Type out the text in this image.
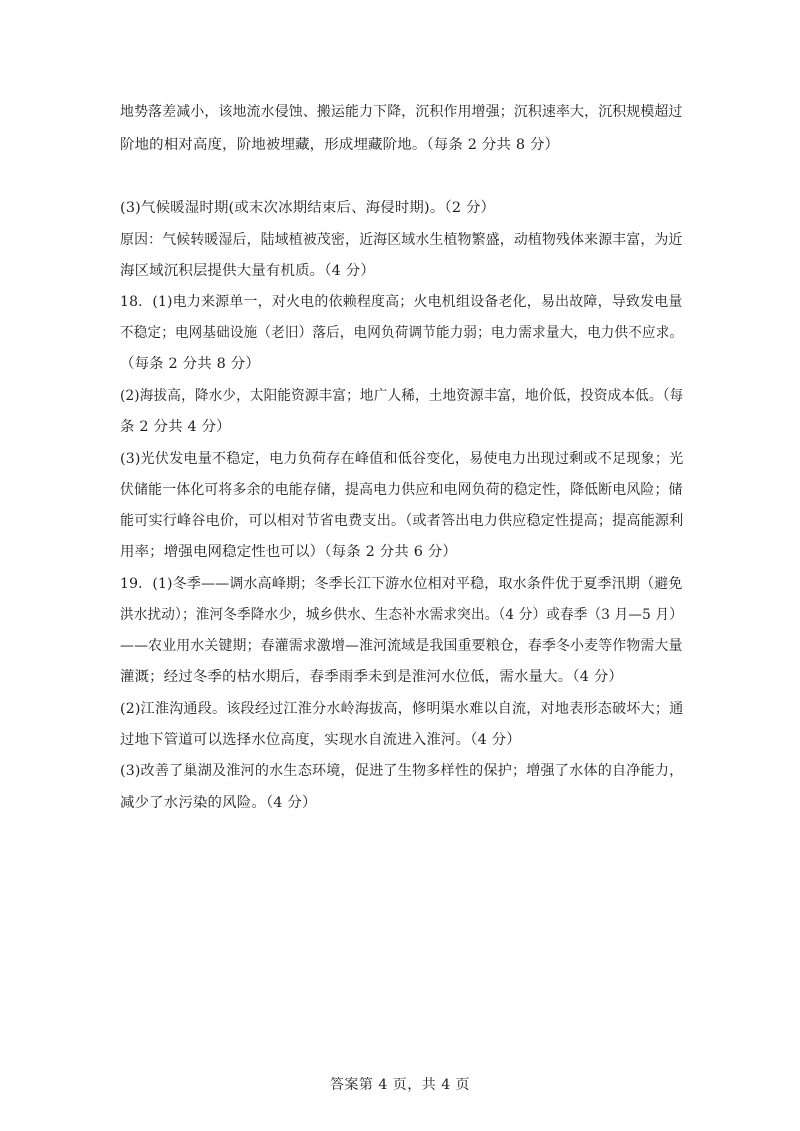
地势落差减小，该地流水侵蚀、搬运能力下降，沉积作用增强；沉积速率大，沉积规模超过
阶地的相对高度，阶地被埋藏，形成埋藏阶地。（每条 2 分共 8 分）
(3)气候暖湿时期(或末次冰期结束后、海侵时期)。（2 分）
原因：气候转暖湿后，陆域植被茂密，近海区域水生植物繁盛，动植物残体来源丰富，为近
海区域沉积层提供大量有机质。（4 分）
18．(1)电力来源单一，对火电的依赖程度高；火电机组设备老化，易出故障，导致发电量
不稳定；电网基础设施（老旧）落后，电网负荷调节能力弱；电力需求量大，电力供不应求。
（每条 2 分共 8 分）
(2)海拔高，降水少，太阳能资源丰富；地广人稀，土地资源丰富，地价低，投资成本低。（每
条 2 分共 4 分）
(3)光伏发电量不稳定，电力负荷存在峰值和低谷变化，易使电力出现过剩或不足现象；光
伏储能一体化可将多余的电能存储，提高电力供应和电网负荷的稳定性，降低断电风险；储
能可实行峰谷电价，可以相对节省电费支出。（或者答出电力供应稳定性提高；提高能源利
用率；增强电网稳定性也可以）（每条 2 分共 6 分）
19．(1)冬季——调水高峰期；冬季长江下游水位相对平稳，取水条件优于夏季汛期（避免
洪水扰动）；淮河冬季降水少，城乡供水、生态补水需求突出。（4 分）或春季（3 月—5 月）
——农业用水关键期；春灌需求激增—淮河流域是我国重要粮仓，春季冬小麦等作物需大量
灌溉；经过冬季的枯水期后，春季雨季未到是淮河水位低，需水量大。（4 分）
(2)江淮沟通段。该段经过江淮分水岭海拔高，修明渠水难以自流，对地表形态破坏大；通
过地下管道可以选择水位高度，实现水自流进入淮河。（4 分）
(3)改善了巢湖及淮河的水生态环境，促进了生物多样性的保护；增强了水体的自净能力，
减少了水污染的风险。（4 分）
答案第 4 页，共 4 页
